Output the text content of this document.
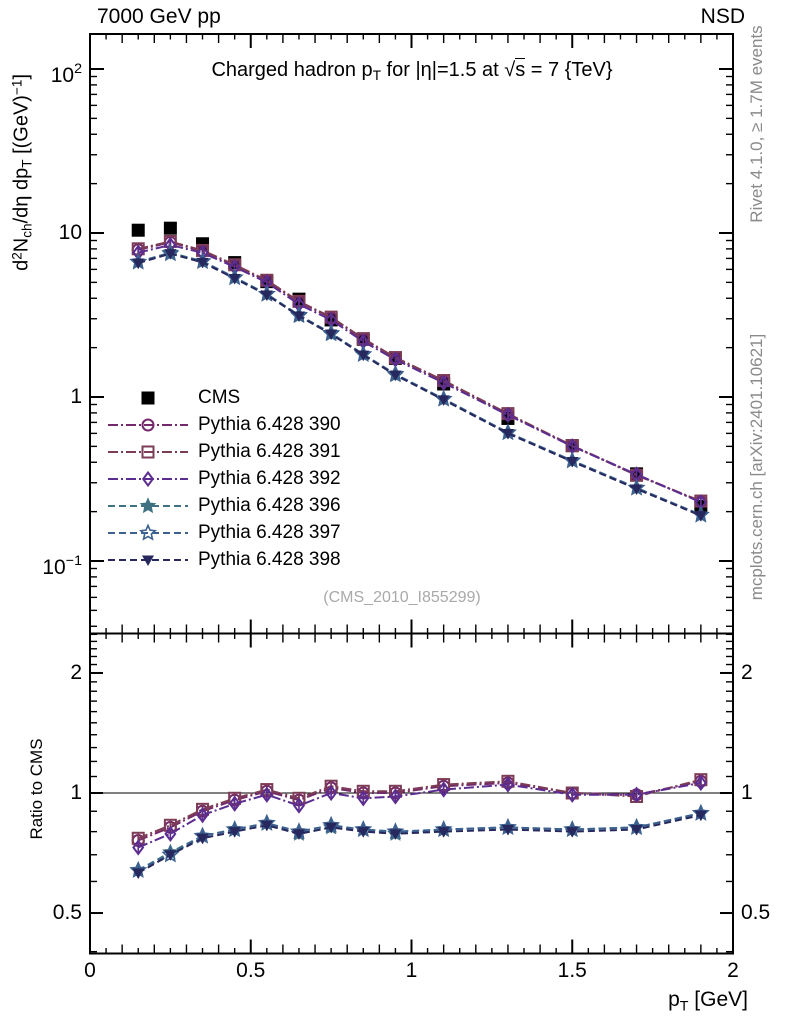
0	0.5	1	1.5	2
7000 GeV pp	NSD
Charged hadron $p_T$ for |η|=1.5 at √s = 7 {TeV}
$d^2N_{ch}/d\eta$ $dp_T$ [(GeV)$^{-1}$]
Ratio to CMS
Rivet 4.1.0, ≥ 1.7M events
mcplots.cern.ch [arXiv:2401.10621]
(CMS_2010_I855299)
$p_T$ [GeV]
$10^2$
10
1
$10^{-1}$
2	2
1	1
0.5	0.5
CMS
Pythia 6.428 390
Pythia 6.428 391
Pythia 6.428 392
Pythia 6.428 396
Pythia 6.428 397
Pythia 6.428 398
